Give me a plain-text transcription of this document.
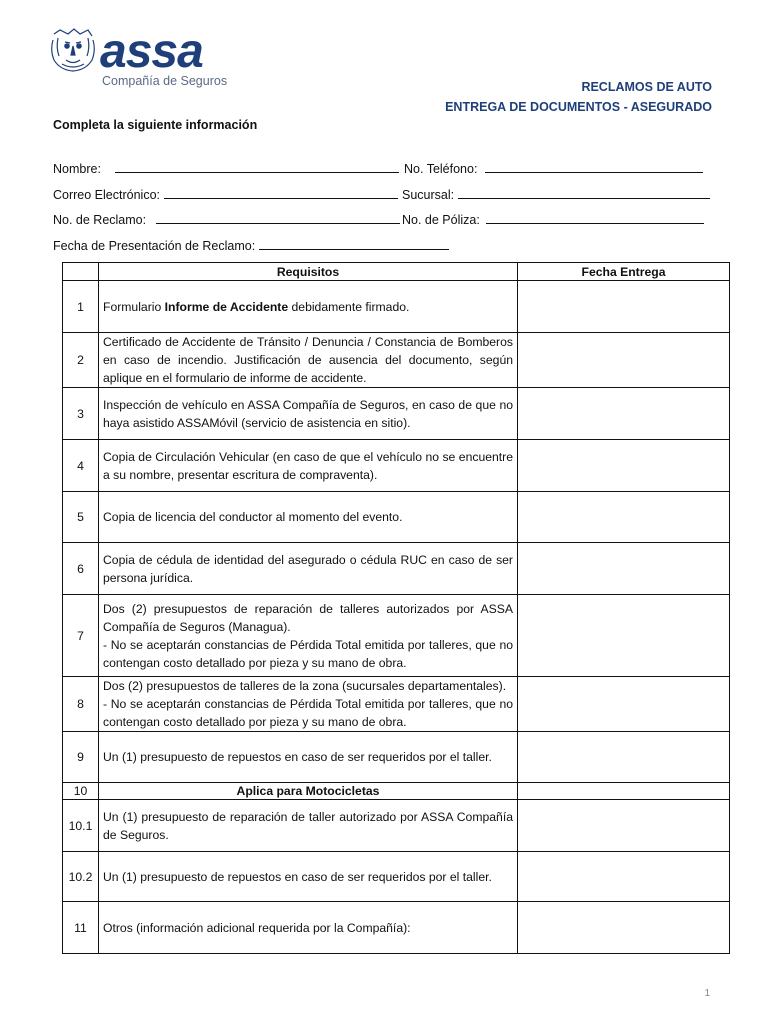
assa
Compañía de Seguros	RECLAMOS DE AUTO
ENTREGA DE DOCUMENTOS - ASEGURADO
Completa la siguiente información
Nombre:	No. Teléfono:
Correo Electrónico:	Sucursal:
No. de Reclamo:	No. de Póliza:
Fecha de Presentación de Reclamo:
	Requisitos	Fecha Entrega
1	Formulario Informe de Accidente debidamente firmado.	
2	Certificado de Accidente de Tránsito / Denuncia / Constancia de Bomberos en caso de incendio. Justificación de ausencia del documento, según aplique en el formulario de informe de accidente.	
3	Inspección de vehículo en ASSA Compañía de Seguros, en caso de que no haya asistido ASSAMóvil (servicio de asistencia en sitio).	
4	Copia de Circulación Vehicular (en caso de que el vehículo no se encuentre a su nombre, presentar escritura de compraventa).	
5	Copia de licencia del conductor al momento del evento.	
6	Copia de cédula de identidad del asegurado o cédula RUC en caso de ser persona jurídica.	
7	Dos (2) presupuestos de reparación de talleres autorizados por ASSA Compañía de Seguros (Managua).
- No se aceptarán constancias de Pérdida Total emitida por talleres, que no contengan costo detallado por pieza y su mano de obra.	

8	Dos (2) presupuestos de talleres de la zona (sucursales departamentales).
- No se aceptarán constancias de Pérdida Total emitida por talleres, que no contengan costo detallado por pieza y su mano de obra.	

9	Un (1) presupuesto de repuestos en caso de ser requeridos por el taller.	
10	Aplica para Motocicletas	
10.1	Un (1) presupuesto de reparación de taller autorizado por ASSA Compañía de Seguros.	
10.2	Un (1) presupuesto de repuestos en caso de ser requeridos por el taller.	
11	Otros (información adicional requerida por la Compañía):	
1
